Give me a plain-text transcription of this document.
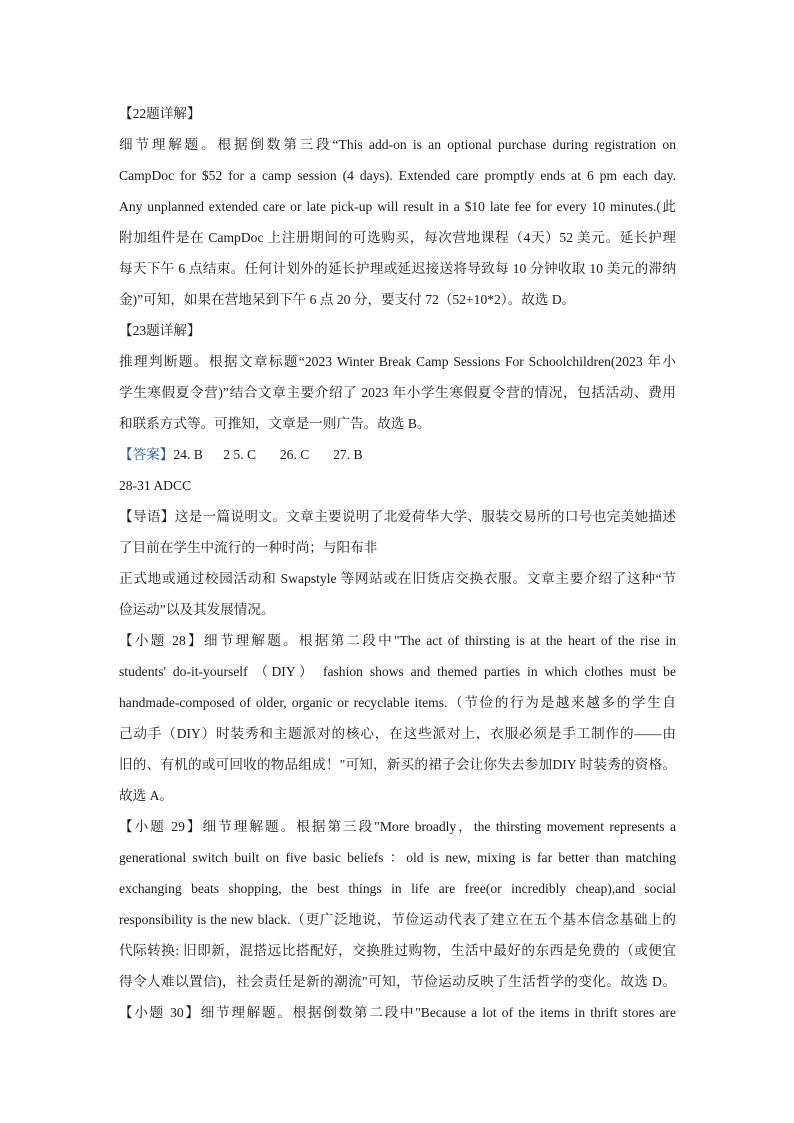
【22题详解】
细节理解题。根据倒数第三段“This add-on is an optional purchase during registration on
CampDoc for $52 for a camp session (4 days). Extended care promptly ends at 6 pm each day.
Any unplanned extended care or late pick-up will result in a $10 late fee for every 10 minutes.(此
附加组件是在 CampDoc 上注册期间的可选购买，每次营地课程（4天）52 美元。延长护理
每天下午 6 点结束。任何计划外的延长护理或延迟接送将导致每 10 分钟收取 10 美元的滞纳
金)”可知，如果在营地呆到下午 6 点 20 分，要支付 72（52+10*2）。故选 D。
【23题详解】
推理判断题。根据文章标题“2023 Winter Break Camp Sessions For Schoolchildren(2023 年小
学生寒假夏令营)”结合文章主要介绍了 2023 年小学生寒假夏令营的情况，包括活动、费用
和联系方式等。可推知，文章是一则广告。故选 B。
【答案】24. B      2 5. C       26. C       27. B
28-31 ADCC
【导语】这是一篇说明文。文章主要说明了北爱荷华大学、服装交易所的口号也完美她描述
了目前在学生中流行的一种时尚；与阳布非
正式地或通过校园活动和 Swapstyle 等网站或在旧货店交换衣服。文章主要介绍了这种“节
俭运动”以及其发展情况。
【小题 28】细节理解题。根据第二段中"The act of thirsting is at the heart of the rise in
students' do-it-yourself （DIY） fashion shows and themed parties in which clothes must be
handmade-composed of older, organic or recyclable items.（节俭的行为是越来越多的学生自
己动手（DIY）时装秀和主题派对的核心，在这些派对上，衣服必须是手工制作的——由
旧的、有机的或可回收的物品组成！"可知，新买的裙子会让你失去参加DIY 时装秀的资格。
故选 A。
【小题 29】细节理解题。根据第三段"More broadly，the thirsting movement represents a
generational switch built on five basic beliefs ：old is new, mixing is far better than matching
exchanging beats shopping, the best things in life are free(or incredibly cheap),and social
responsibility is the new black.（更广泛地说，节俭运动代表了建立在五个基本信念基础上的
代际转换: 旧即新，混搭远比搭配好，交换胜过购物，生活中最好的东西是免费的（或便宜
得令人难以置信)，社会责任是新的潮流"可知，节俭运动反映了生活哲学的变化。故选 D。
【小题 30】细节理解题。根据倒数第二段中"Because a lot of the items in thrift stores are
